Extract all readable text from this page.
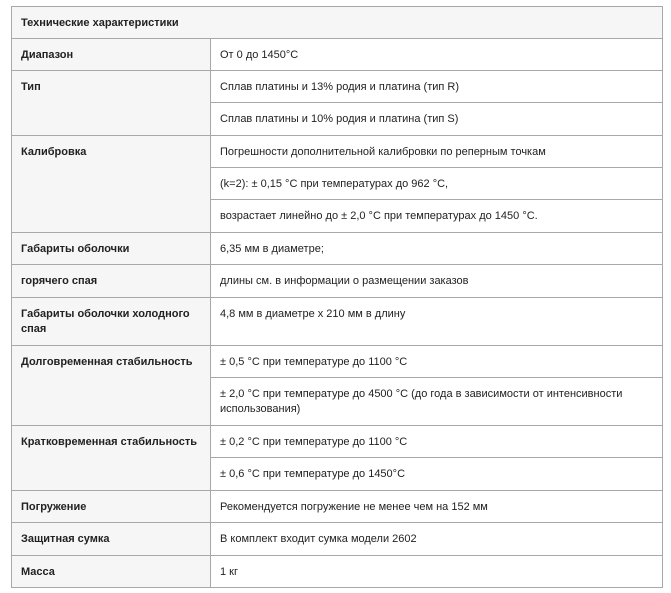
Технические характеристики	
Диапазон	От 0 до 1450°C
Тип	Сплав платины и 13% родия и платина (тип R)
	Сплав платины и 10% родия и платина (тип S)
Калибровка	Погрешности дополнительной калибровки по реперным точкам
	(k=2): ± 0,15 °C при температурах до 962 °C,
	возрастает линейно до ± 2,0 °C при температурах до 1450 °C.
Габариты оболочки	6,35 мм в диаметре;
горячего спая	длины см. в информации о размещении заказов
Габариты оболочки холодного спая	4,8 мм в диаметре x 210 мм в длину
Долговременная стабильность	± 0,5 °C при температуре до 1100 °C
	± 2,0 °C при температуре до 4500 °C (до года в зависимости от интенсивности использования)
Кратковременная стабильность	± 0,2 °C при температуре до 1100 °C
	± 0,6 °C при температуре до 1450°C
Погружение	Рекомендуется погружение не менее чем на 152 мм
Защитная сумка	В комплект входит сумка модели 2602
Масса	1 кг
